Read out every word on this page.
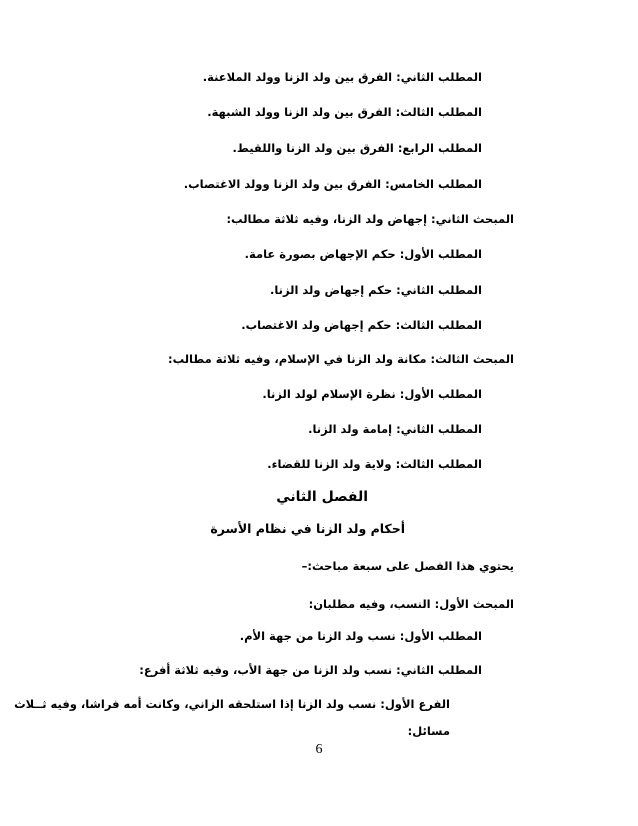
المطلب الثاني: الفرق بين ولد الزنا وولد الملاعنة.
المطلب الثالث: الفرق بين ولد الزنا وولد الشبهة.
المطلب الرابع: الفرق بين ولد الزنا واللقيط.
المطلب الخامس: الفرق بين ولد الزنا وولد الاغتصاب.
المبحث الثاني: إجهاض ولد الزنا، وفيه ثلاثة مطالب:
المطلب الأول: حكم الإجهاض بصورة عامة.
المطلب الثاني: حكم إجهاض ولد الزنا.
المطلب الثالث: حكم إجهاض ولد الاغتصاب.
المبحث الثالث: مكانة ولد الزنا في الإسلام، وفيه ثلاثة مطالب:
المطلب الأول: نظرة الإسلام لولد الزنا.
المطلب الثاني: إمامة ولد الزنا.
المطلب الثالث: ولاية ولد الزنا للقضاء.
الفصل الثاني
أحكام ولد الزنا في نظام الأسرة
يحتوي هذا الفصل على سبعة مباحث:–
المبحث الأول: النسب، وفيه مطلبان:
المطلب الأول: نسب ولد الزنا من جهة الأم.
المطلب الثاني: نسب ولد الزنا من جهة الأب، وفيه ثلاثة أفرع:
الفرع الأول: نسب ولد الزنا إذا استلحقه الزاني، وكانت أمه فراشا، وفيه ثــلاث
مسائل:
6
